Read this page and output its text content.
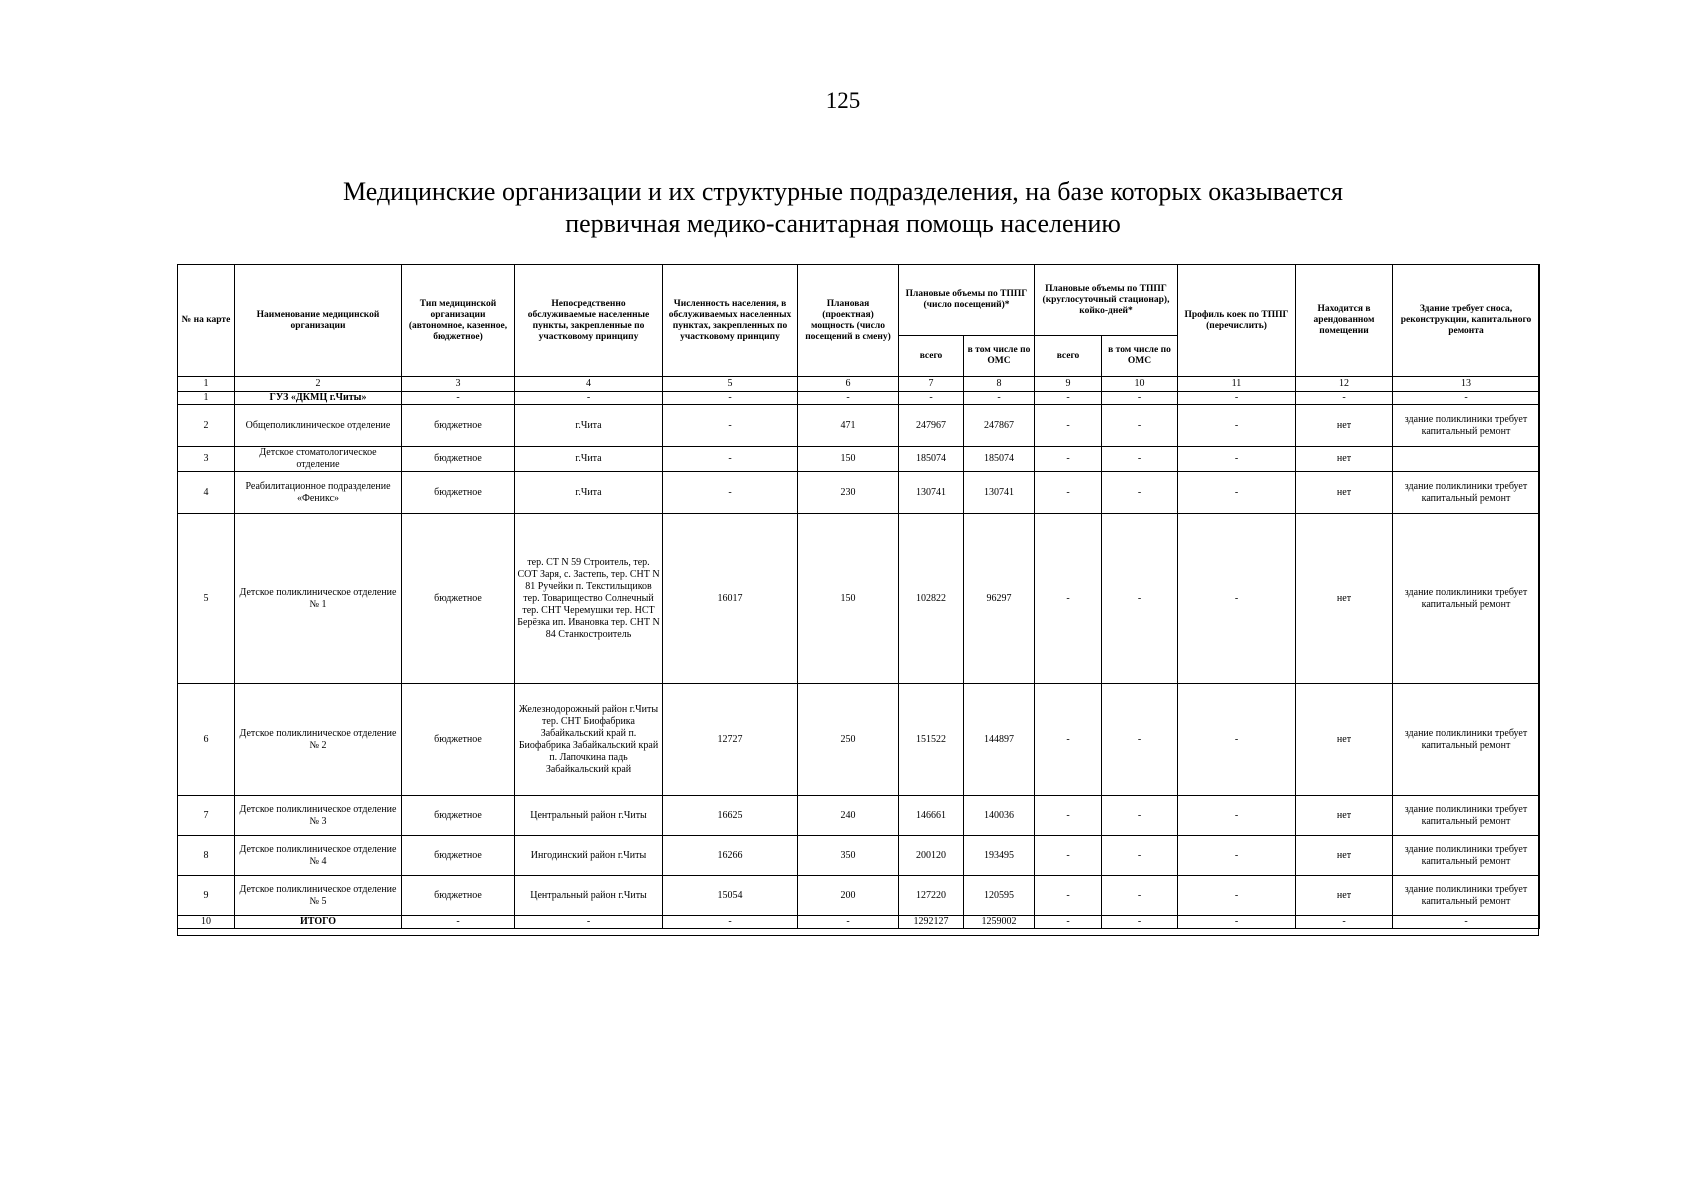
125
Медицинские организации и их структурные подразделения, на базе которых оказывается
первичная медико-санитарная помощь населению
№ на карте	Наименование медицинской организации	Тип медицинской организации (автономное, казенное, бюджетное)	Непосредственно обслуживаемые населенные пункты, закрепленные по участковому принципу	Численность населения, в обслуживаемых населенных пунктах, закрепленных по участковому принципу	Плановая (проектная) мощность (число посещений в смену)	Плановые объемы по ТППГ (число посещений)*		Плановые объемы по ТППГ (круглосуточный стационар), койко-дней*		Профиль коек по ТППГ (перечислить)	Находится в арендованном помещении	Здание требует сноса, реконструкции, капитального ремонта
						всего	в том числе по ОМС	всего	в том числе по ОМС			
1	2	3	4	5	6	7	8	9	10	11	12	13
1	ГУЗ «ДКМЦ г.Читы»	-	-	-	-	-	-	-	-	-	-	-
2	Общеполиклиническое отделение	бюджетное	г.Чита	-	471	247967	247867	-	-	-	нет	здание поликлиники требует капитальный ремонт
3	Детское стоматологическое отделение	бюджетное	г.Чита	-	150	185074	185074	-	-	-	нет	
4	Реабилитационное подразделение «Феникс»	бюджетное	г.Чита	-	230	130741	130741	-	-	-	нет	здание поликлиники требует капитальный ремонт
5	Детское поликлиническое отделение № 1	бюджетное	тер. СТ N 59 Строитель, тер. СОТ Заря, с. Застепь, тер. СНТ N 81 Ручейки п. Текстильщиков тер. Товарищество Солнечный тер. СНТ Черемушки тер. НСТ Берёзка ип. Ивановка тер. СНТ N 84 Станкостроитель	16017	150	102822	96297	-	-	-	нет	здание поликлиники требует капитальный ремонт
6	Детское поликлиническое отделение № 2	бюджетное	Железнодорожный район г.Читы тер. СНТ Биофабрика Забайкальский край п. Биофабрика Забайкальский край п. Лапочкина падь Забайкальский край	12727	250	151522	144897	-	-	-	нет	здание поликлиники требует капитальный ремонт
7	Детское поликлиническое отделение № 3	бюджетное	Центральный район г.Читы	16625	240	146661	140036	-	-	-	нет	здание поликлиники требует капитальный ремонт
8	Детское поликлиническое отделение № 4	бюджетное	Ингодинский район г.Читы	16266	350	200120	193495	-	-	-	нет	здание поликлиники требует капитальный ремонт
9	Детское поликлиническое отделение № 5	бюджетное	Центральный район г.Читы	15054	200	127220	120595	-	-	-	нет	здание поликлиники требует капитальный ремонт
10	ИТОГО	-	-	-	-	1292127	1259002	-	-	-	-	-
